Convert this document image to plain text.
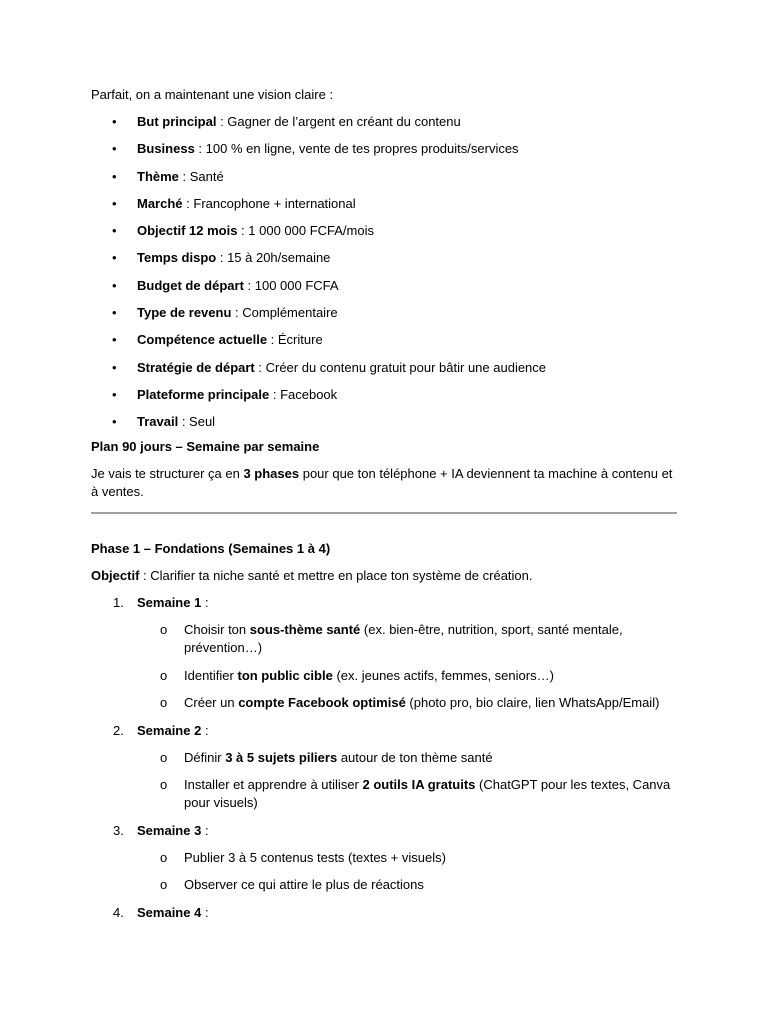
Parfait, on a maintenant une vision claire :

• But principal : Gagner de l’argent en créant du contenu
• Business : 100 % en ligne, vente de tes propres produits/services
• Thème : Santé
• Marché : Francophone + international
• Objectif 12 mois : 1 000 000 FCFA/mois
• Temps dispo : 15 à 20h/semaine
• Budget de départ : 100 000 FCFA
• Type de revenu : Complémentaire
• Compétence actuelle : Écriture
• Stratégie de départ : Créer du contenu gratuit pour bâtir une audience
• Plateforme principale : Facebook
• Travail : Seul

Plan 90 jours – Semaine par semaine

Je vais te structurer ça en 3 phases pour que ton téléphone + IA deviennent ta machine à contenu et à ventes.

Phase 1 – Fondations (Semaines 1 à 4)

Objectif : Clarifier ta niche santé et mettre en place ton système de création.

1. Semaine 1 :
o Choisir ton sous-thème santé (ex. bien-être, nutrition, sport, santé mentale, prévention…)
o Identifier ton public cible (ex. jeunes actifs, femmes, seniors…)
o Créer un compte Facebook optimisé (photo pro, bio claire, lien WhatsApp/Email)
2. Semaine 2 :
o Définir 3 à 5 sujets piliers autour de ton thème santé
o Installer et apprendre à utiliser 2 outils IA gratuits (ChatGPT pour les textes, Canva pour visuels)
3. Semaine 3 :
o Publier 3 à 5 contenus tests (textes + visuels)
o Observer ce qui attire le plus de réactions
4. Semaine 4 :
